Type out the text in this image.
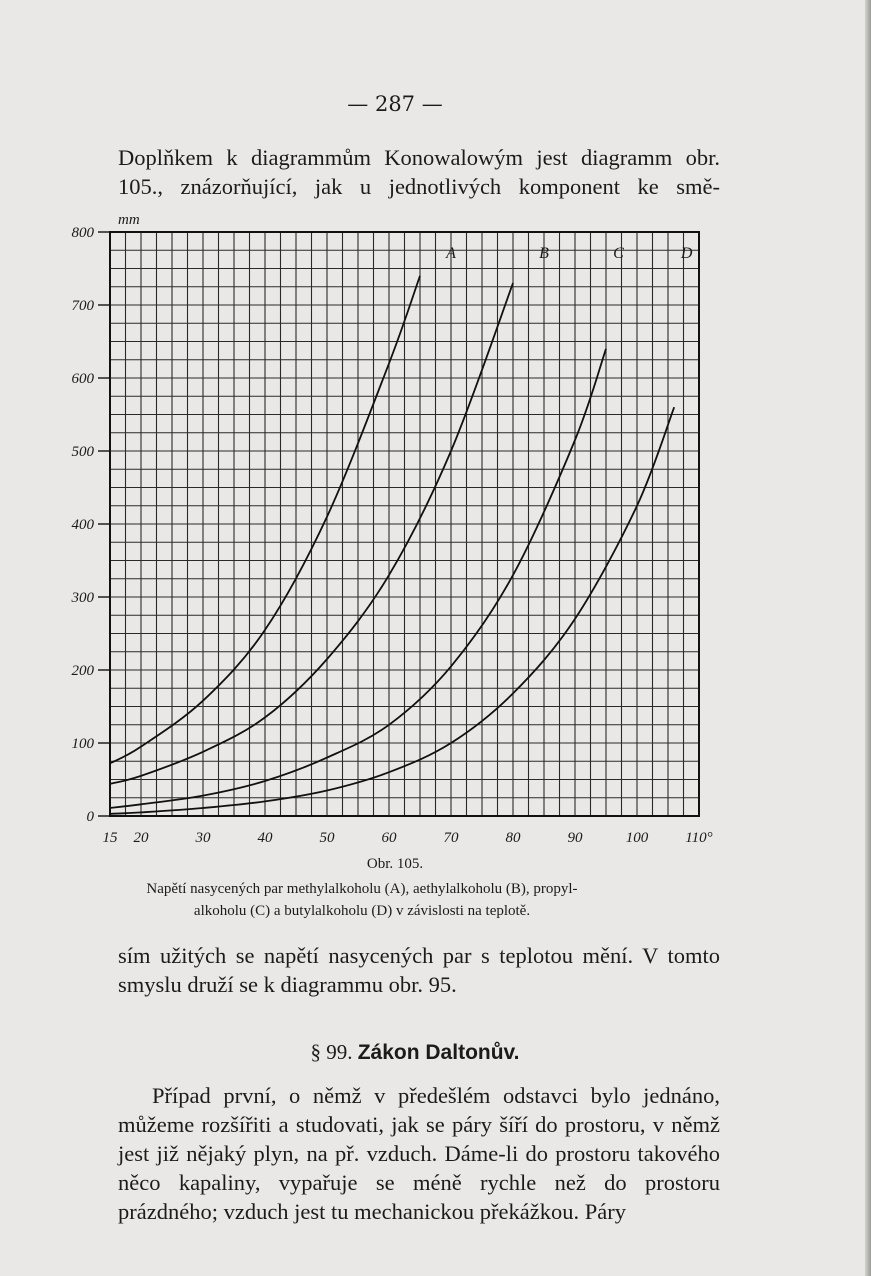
— 287 —

Doplňkem k diagrammům Konowalowým jest diagramm obr. 105., znázorňující, jak u jednotlivých komponent ke smě-

0
100
200
300
400
500
600
700
800
15 20	30	40	50	60	70	80	90	100 110°
A	B	C	D
mm
Obr. 105.
Napětí nasycených par methylalkoholu (A), aethylalkoholu (B), propyl-
alkoholu (C) a butylalkoholu (D) v závislosti na teplotě.
sím užitých se napětí nasycených par s teplotou mění. V tomto
smyslu druží se k diagrammu obr. 95.
§ 99. Zákon Daltonův.

Případ první, o němž v předešlém odstavci bylo jednáno, můžeme rozšířiti a studovati, jak se páry šíří do prostoru, v němž jest již nějaký plyn, na př. vzduch. Dáme-li do prostoru takového něco kapaliny, vypařuje se méně rychle než do prostoru prázdného; vzduch jest tu mechanickou překážkou. Páry
